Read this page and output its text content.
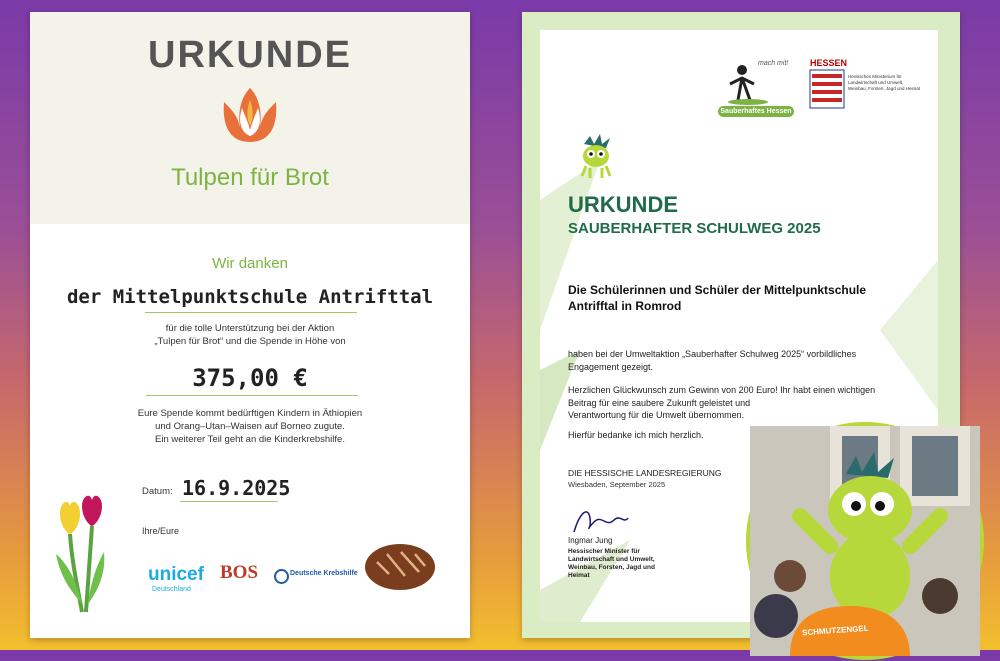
URKUNDE
Tulpen für Brot
Wir danken
der Mittelpunktschule Antrifttal
für die tolle Unterstützung bei der Aktion
„Tulpen für Brot“ und die Spende in Höhe von
375,00 €
Eure Spende kommt bedürftigen Kindern in Äthiopien
und Orang–Utan–Waisen auf Borneo zugute.
Ein weiterer Teil geht an die Kinderkrebshilfe.
Datum: 16.9.2025
Ihre/Eure
unicef
Deutschland
BOS	Deutsche Krebshilfe
mach mit!
Sauberhaftes Hessen
HESSEN
Hessisches Ministerium für Landwirtschaft und Umwelt, Weinbau, Forsten, Jagd und Heimat
URKUNDE
SAUBERHAFTER SCHULWEG 2025
Die Schülerinnen und Schüler der Mittelpunktschule
Antrifftal in Romrod
haben bei der Umweltaktion „Sauberhafter Schulweg 2025“ vorbildliches
Engagement gezeigt.
Herzlichen Glückwunsch zum Gewinn von 200 Euro! Ihr habt einen wichtigen
Beitrag für eine saubere Zukunft geleistet und
Verantwortung für die Umwelt übernommen.
Hierfür bedanke ich mich herzlich.
DIE HESSISCHE LANDESREGIERUNG
Wiesbaden, September 2025
Ingmar Jung
Hessischer Minister für
Landwirtschaft und Umwelt,
Weinbau, Forsten, Jagd und
Heimat
SCHMUTZENGEL
